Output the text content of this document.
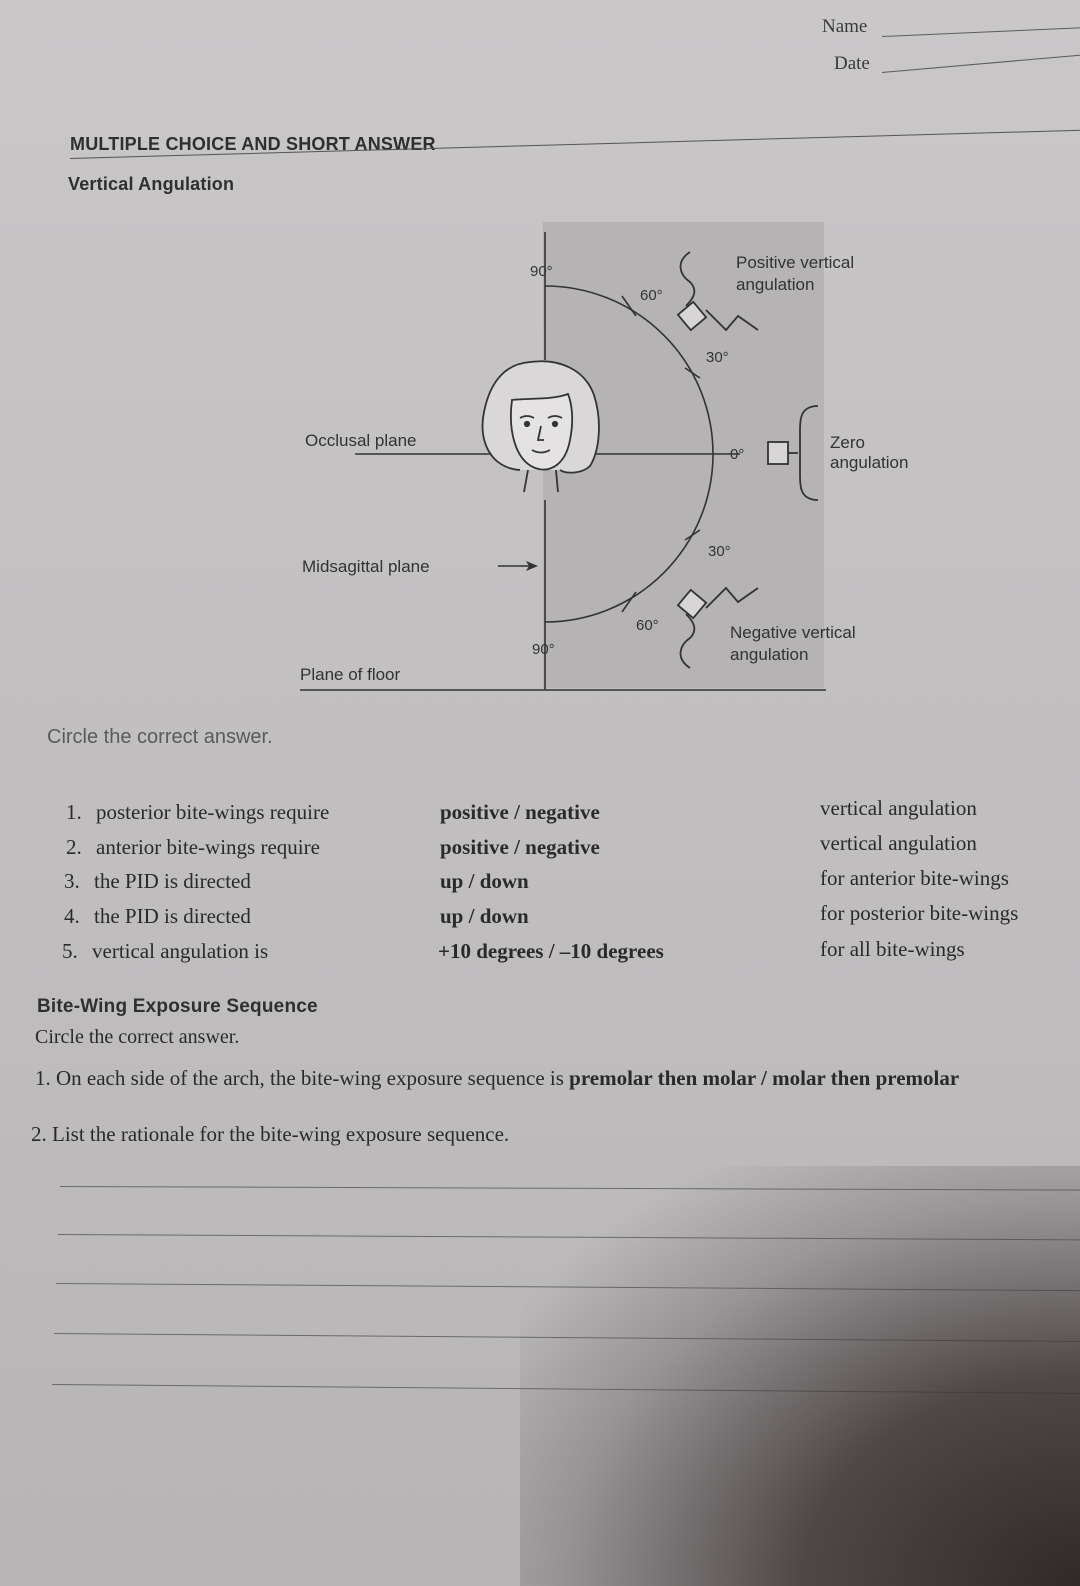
Name
Date
MULTIPLE CHOICE AND SHORT ANSWER
Vertical Angulation
90°
60°
30°
0°
30°
60°
90°
Positive vertical
angulation
Zero
angulation
Negative vertical
angulation
Occlusal plane
Midsagittal plane
Plane of floor
Circle the correct answer.
1. posterior bite-wings require	positive / negative	vertical angulation
2. anterior bite-wings require	positive / negative	vertical angulation
3. the PID is directed	up / down	for anterior bite-wings
4. the PID is directed	up / down	for posterior bite-wings
5. vertical angulation is	+10 degrees / –10 degrees	for all bite-wings
Bite-Wing Exposure Sequence
Circle the correct answer.
1. On each side of the arch, the bite-wing exposure sequence is premolar then molar / molar then premolar
2. List the rationale for the bite-wing exposure sequence.
